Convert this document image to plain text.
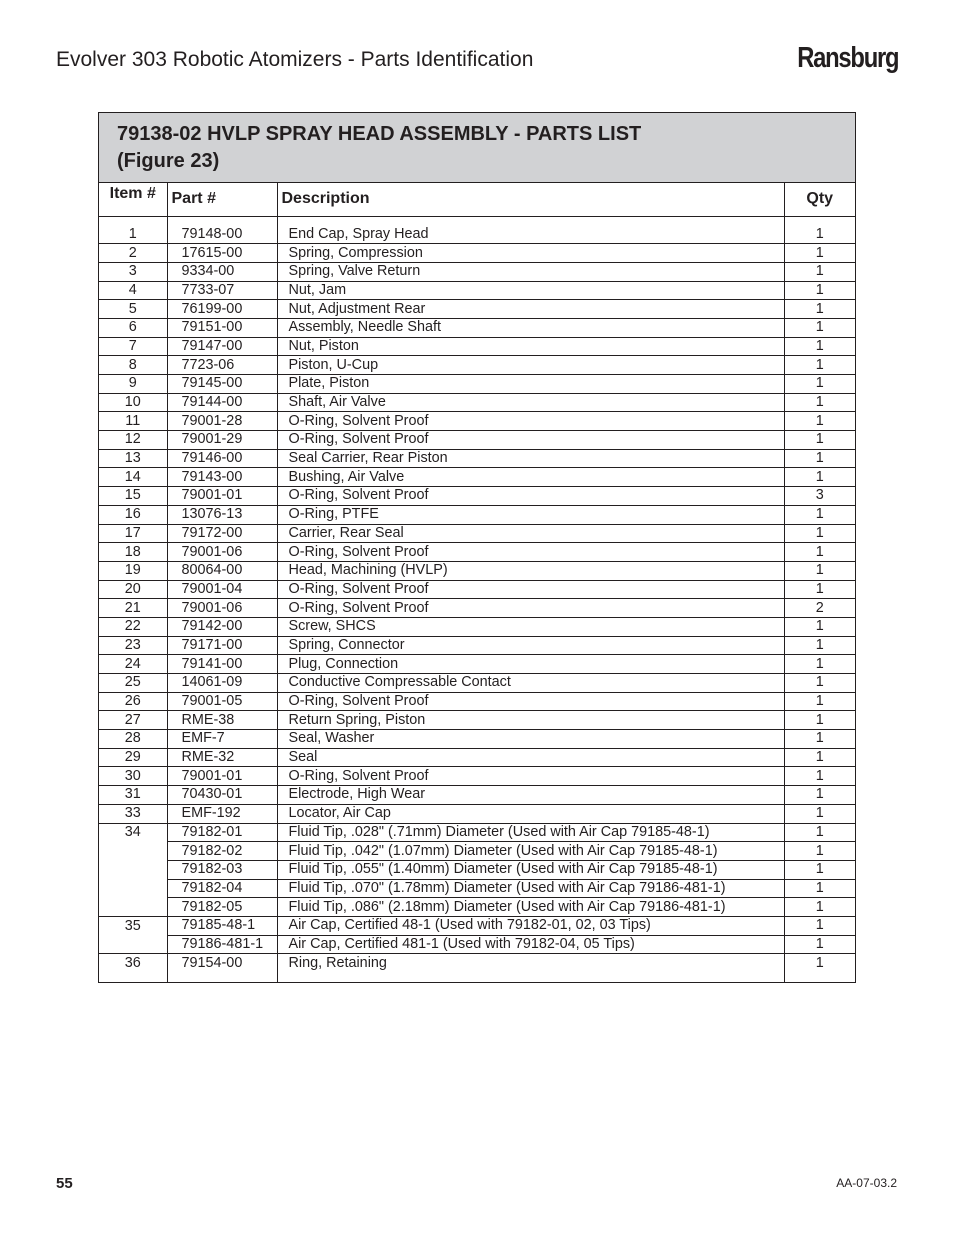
Evolver 303 Robotic Atomizers - Parts Identification	Ransburg
79138-02 HVLP SPRAY HEAD ASSEMBLY - PARTS LIST
(Figure 23)
Item #	Part #	Description	Qty

1	79148-00	End Cap, Spray Head	1
2	17615-00	Spring, Compression	1
3	9334-00	Spring, Valve Return	1
4	7733-07	Nut, Jam	1
5	76199-00	Nut, Adjustment Rear	1
6	79151-00	Assembly, Needle Shaft	1
7	79147-00	Nut, Piston	1
8	7723-06	Piston, U-Cup	1
9	79145-00	Plate, Piston	1
10	79144-00	Shaft, Air Valve	1
11	79001-28	O-Ring, Solvent Proof	1
12	79001-29	O-Ring, Solvent Proof	1
13	79146-00	Seal Carrier, Rear Piston	1
14	79143-00	Bushing, Air Valve	1
15	79001-01	O-Ring, Solvent Proof	3
16	13076-13	O-Ring, PTFE	1
17	79172-00	Carrier, Rear Seal	1
18	79001-06	O-Ring, Solvent Proof	1
19	80064-00	Head, Machining (HVLP)	1
20	79001-04	O-Ring, Solvent Proof	1
21	79001-06	O-Ring, Solvent Proof	2
22	79142-00	Screw, SHCS	1
23	79171-00	Spring, Connector	1
24	79141-00	Plug, Connection	1
25	14061-09	Conductive Compressable Contact	1
26	79001-05	O-Ring, Solvent Proof	1
27	RME-38	Return Spring, Piston	1
28	EMF-7	Seal, Washer	1
29	RME-32	Seal	1
30	79001-01	O-Ring, Solvent Proof	1
31	70430-01	Electrode, High Wear	1
33	EMF-192	Locator, Air Cap	1
34	79182-01	Fluid Tip, .028" (.71mm) Diameter (Used with Air Cap 79185-48-1)	1
	79182-02	Fluid Tip, .042" (1.07mm) Diameter (Used with Air Cap 79185-48-1)	1
	79182-03	Fluid Tip, .055" (1.40mm) Diameter (Used with Air Cap 79185-48-1)	1
	79182-04	Fluid Tip, .070" (1.78mm) Diameter (Used with Air Cap 79186-481-1)	1
	79182-05	Fluid Tip, .086" (2.18mm) Diameter (Used with Air Cap 79186-481-1)	1
35	79185-48-1	Air Cap, Certified 48-1 (Used with 79182-01, 02, 03 Tips)	1
	79186-481-1	Air Cap, Certified 481-1 (Used with 79182-04, 05 Tips)	1
36	79154-00	Ring, Retaining	1

55	AA-07-03.2
